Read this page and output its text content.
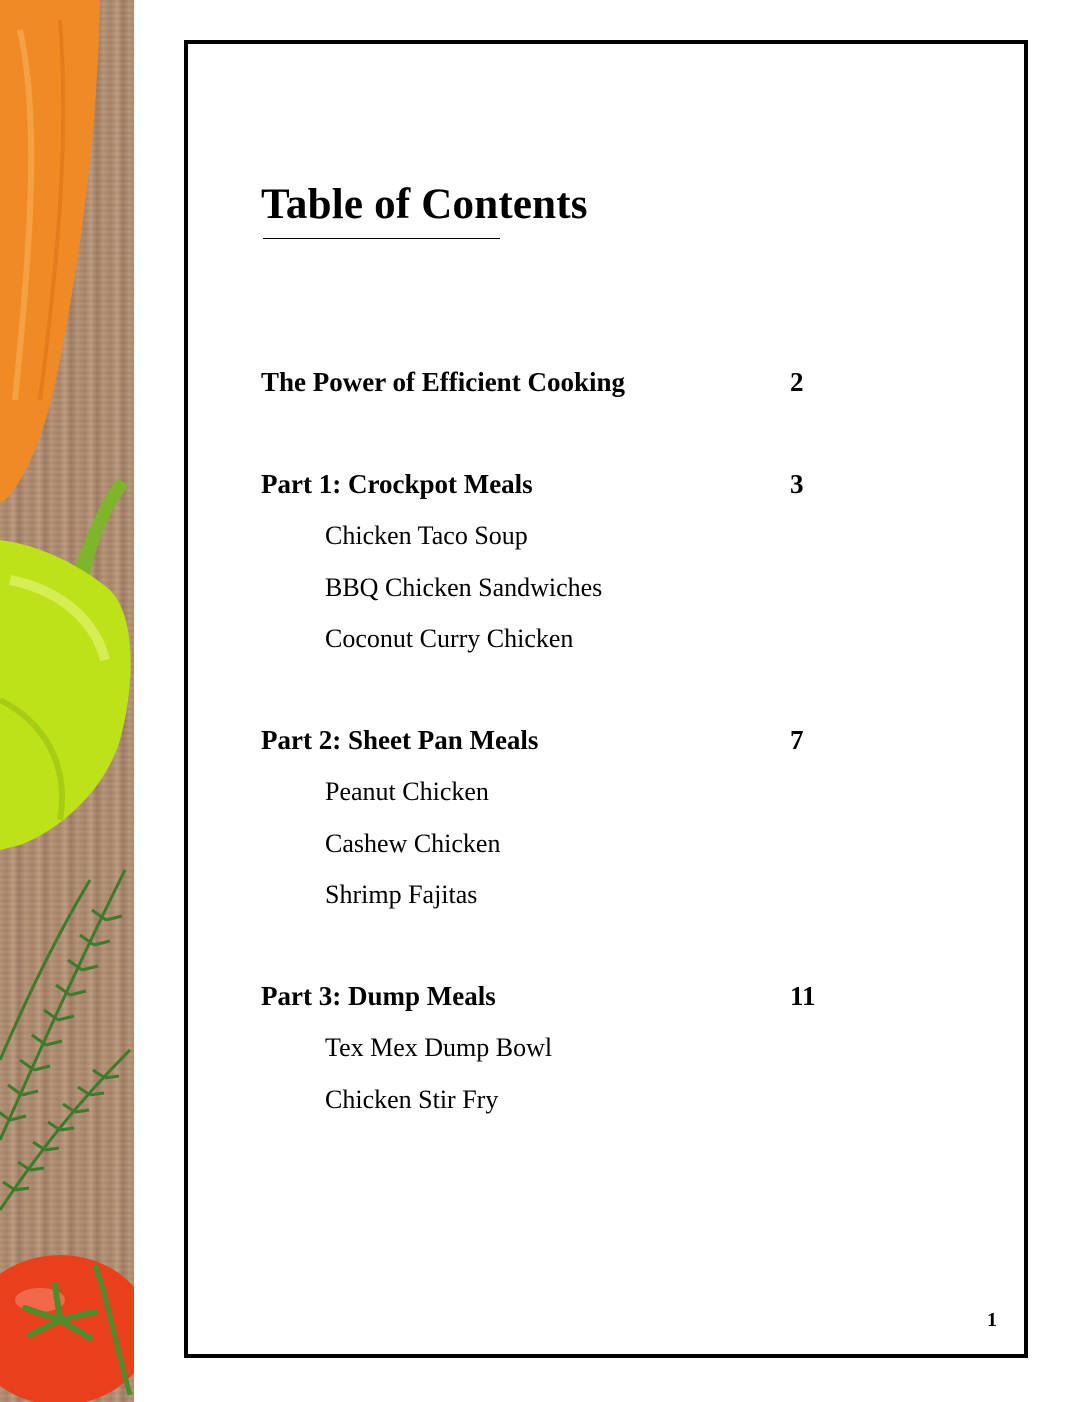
Table of Contents
The Power of Efficient Cooking	2
Part 1: Crockpot Meals	3
Chicken Taco Soup
BBQ Chicken Sandwiches
Coconut Curry Chicken
Part 2: Sheet Pan Meals	7
Peanut Chicken
Cashew Chicken
Shrimp Fajitas
Part 3: Dump Meals	11
Tex Mex Dump Bowl
Chicken Stir Fry
1
